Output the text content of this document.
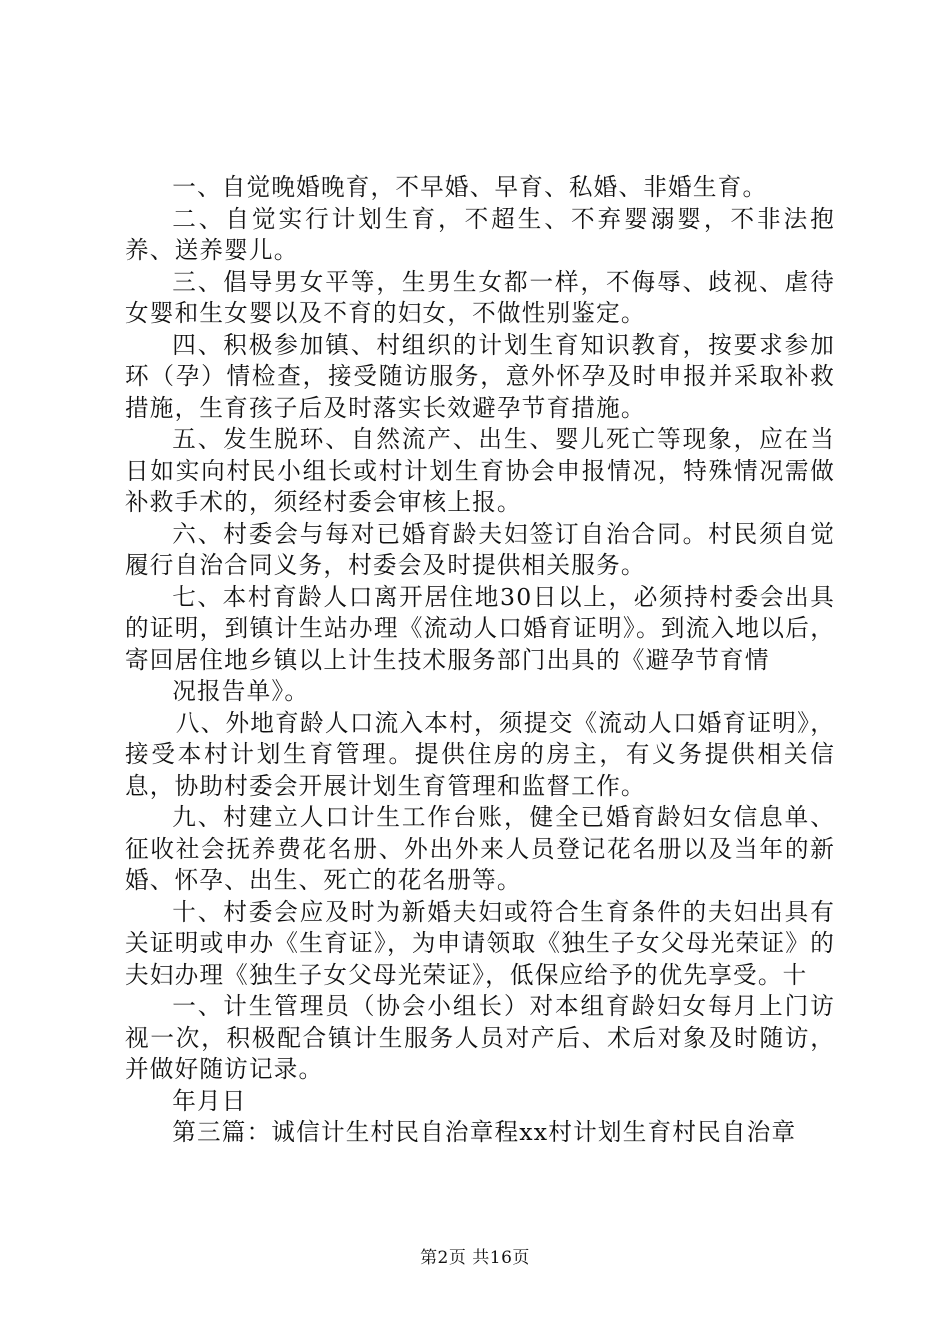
一、自觉晚婚晚育，不早婚、早育、私婚、非婚生育。

二、自觉实行计划生育，不超生、不弃婴溺婴，不非法抱养、送养婴儿。

三、倡导男女平等，生男生女都一样，不侮辱、歧视、虐待女婴和生女婴以及不育的妇女，不做性别鉴定。

四、积极参加镇、村组织的计划生育知识教育，按要求参加环（孕）情检查，接受随访服务，意外怀孕及时申报并采取补救措施，生育孩子后及时落实长效避孕节育措施。

五、发生脱环、自然流产、出生、婴儿死亡等现象，应在当日如实向村民小组长或村计划生育协会申报情况，特殊情况需做补救手术的，须经村委会审核上报。

六、村委会与每对已婚育龄夫妇签订自治合同。村民须自觉履行自治合同义务，村委会及时提供相关服务。

七、本村育龄人口离开居住地30日以上，必须持村委会出具的证明，到镇计生站办理《流动人口婚育证明》。到流入地以后，寄回居住地乡镇以上计生技术服务部门出具的《避孕节育情

况报告单》。

八、外地育龄人口流入本村，须提交《流动人口婚育证明》，接受本村计划生育管理。提供住房的房主，有义务提供相关信息，协助村委会开展计划生育管理和监督工作。

九、村建立人口计生工作台账，健全已婚育龄妇女信息单、征收社会抚养费花名册、外出外来人员登记花名册以及当年的新婚、怀孕、出生、死亡的花名册等。

十、村委会应及时为新婚夫妇或符合生育条件的夫妇出具有关证明或申办《生育证》，为申请领取《独生子女父母光荣证》的夫妇办理《独生子女父母光荣证》，低保应给予的优先享受。十

一、计生管理员（协会小组长）对本组育龄妇女每月上门访视一次，积极配合镇计生服务人员对产后、术后对象及时随访，并做好随访记录。

年月日

第三篇：诚信计生村民自治章程xx村计划生育村民自治章

第2页 共16页
